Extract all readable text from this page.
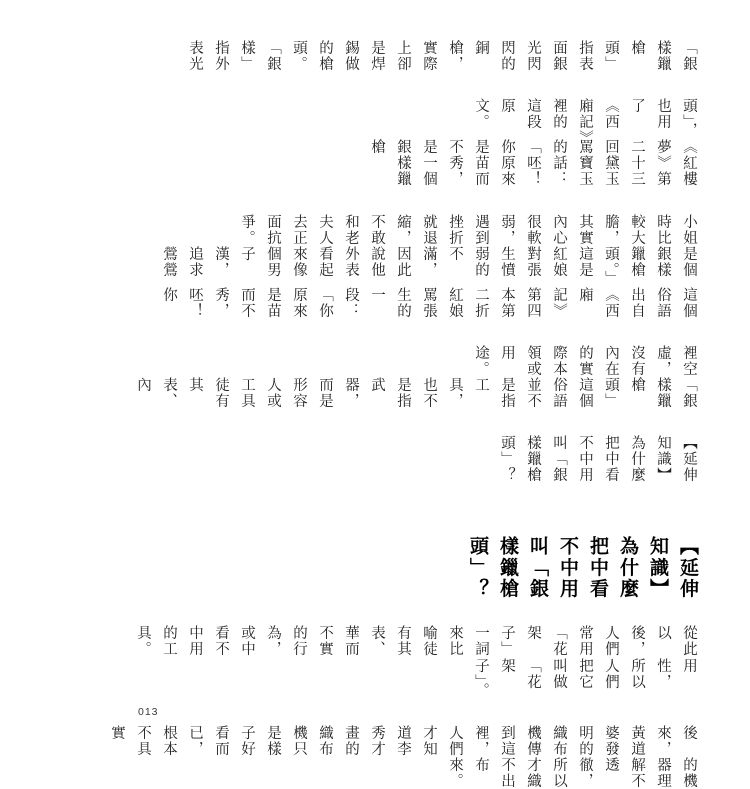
「銀樣鑞槍頭」指表面銀光閃閃的銅槍，實際上卻是焊錫做的槍頭。「銀樣」指外表光
頭」，也用了《西廂記》裡的這段原文。
《紅樓夢》第二十三回黛玉罵寶玉的話：「呸！你原來是苗而不秀，是一個銀樣鑞槍
小姐時比較大膽，其實內心很軟弱，遇到挫折就退縮，不敢和老夫人去正面抗爭。
是個銀樣鑞槍頭。」這是紅娘對張生憤弱的不滿，因此說他外表看起來像個男子漢，追求鶯鶯
這個俗語出自《西廂記》第四本第二折紅娘罵張生的一段：「你原來是苗而不秀，呸！你
裡空虛，沒有內在的實際本領或用途。
「銀樣鑞槍頭」這個俗語並不是指工具，也不是指武器，而是形容人或工具徒有其表、內
【延伸知識】為什麼把中看不中用叫「銀樣鑞槍頭」？
【延伸知識】為什麼把中看不中用叫「銀樣鑞槍頭」？
從此以後，人們常用「花架子」一詞來比喻徒有其表、華而不實的行為，或中看不中用的工具。
用性，所以人們把它叫做「花架子」。
後來，黃道婆發明的織布機傳到這裡，人們才知道李秀才畫的織布機只是樣子好看而已，根本不具實
的機器理解不透徹，所以才織不出布來。
013
